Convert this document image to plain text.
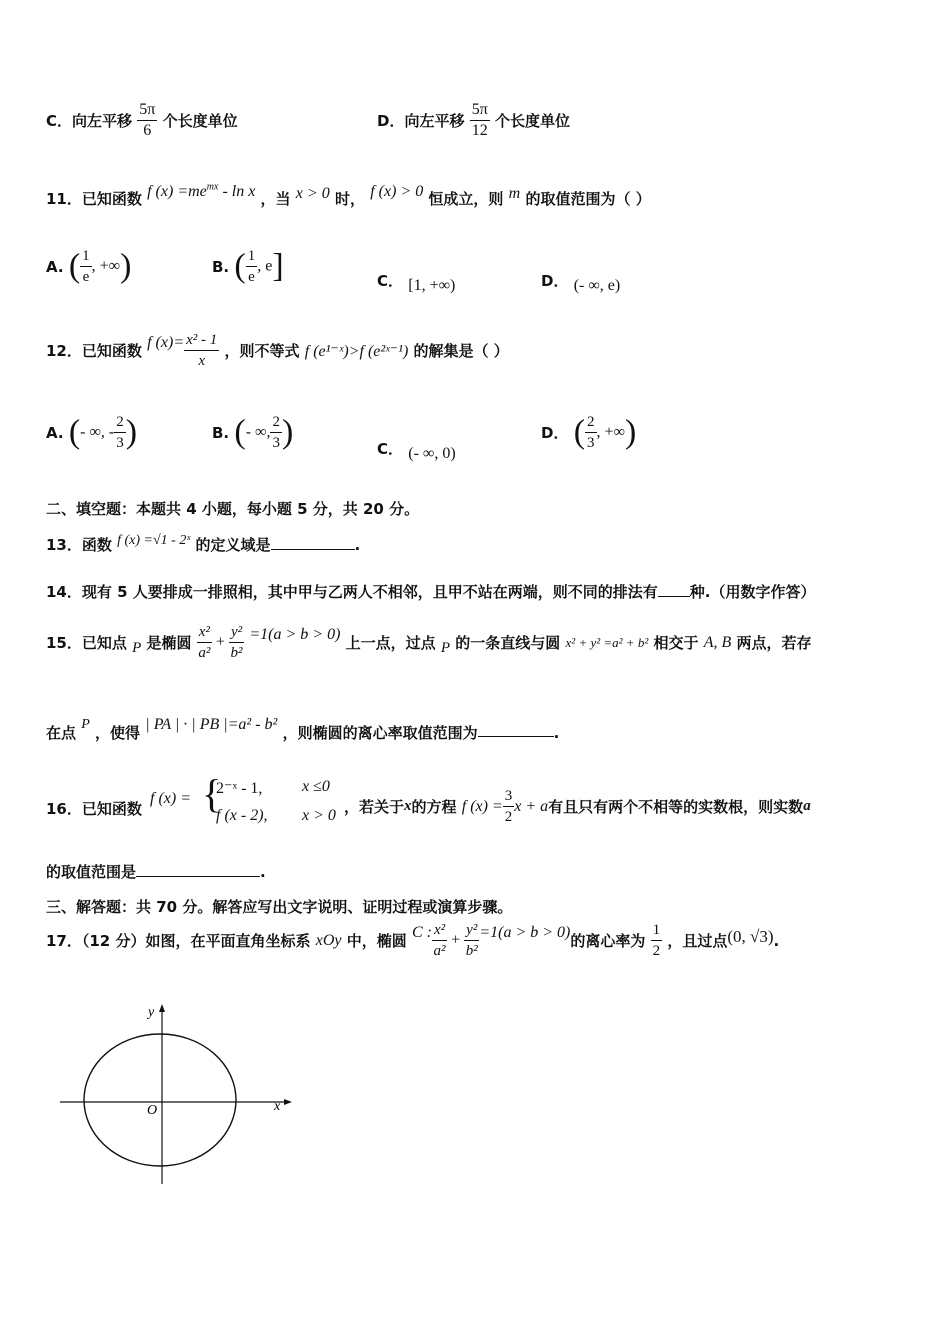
C．向左平移 $\frac{5\pi}{6}$ 个长度单位	D．向左平移 $\frac{5\pi}{12}$ 个长度单位
11．已知函数 f $(x) =me^{mx} - \ln x$ ，当 x > 0 时， f (x) > 0 恒成立，则 m 的取值范围为（ ）
A. ( $\frac{1}{e}$ , +∞)	B. ( $\frac{1}{e}$ , e]	C． [1, +∞)	D． (- ∞, e)
12．已知函数 f $(x)= \frac{\text{x² - 1}}{x}$ ，则不等式 f (e¹⁻ˣ)>f (e²ˣ⁻¹) 的解集是（ ）
A. (- ∞, - $\frac{2}{3}$ )	B. (- ∞, $\frac{2}{3}$ )	C． (- ∞, 0)
D． ( $\frac{2}{3}$ , +∞)
二、填空题：本题共 4 小题，每小题 5 分，共 20 分。
13．函数 f (x) =√1 - 2ˣ 的定义域是	.
14．现有 5 人要排成一排照相，其中甲与乙两人不相邻，且甲不站在两端，则不同的排法有 种.（用数字作答）
15．已知点 P 是椭圆 $\frac{\text{x²}}{\text{a²}} + \frac{\text{y²}}{\text{b²}} =1(a > b > 0)$ 上一点，过点 P 的一条直线与圆 x² + y² =a² + b² 相交于 A, B 两点，若存
在点 P ，使得 | PA | · | PB |=a² - b² ，则椭圆的离心率取值范围为	.
16．已知函数
f (x) = {
2⁻ˣ - 1, x ≤0
f (x - 2), x > 0 ，若关于x的方程 f $(x) = \frac{3}{2}$ x + a有且只有两个不相等的实数根，则实数a
的取值范围是	.
三、解答题：共 70 分。解答应写出文字说明、证明过程或演算步骤。
17．（12 分）如图，在平面直角坐标系 xOy 中，椭圆 C : $\frac{\text{x²}}{\text{a²}} + \frac{\text{y²}}{\text{b²}} =1(a > b > 0)$的离心率为 $\frac{1}{2}$ ，且过点(0, √3).
y
x
O
